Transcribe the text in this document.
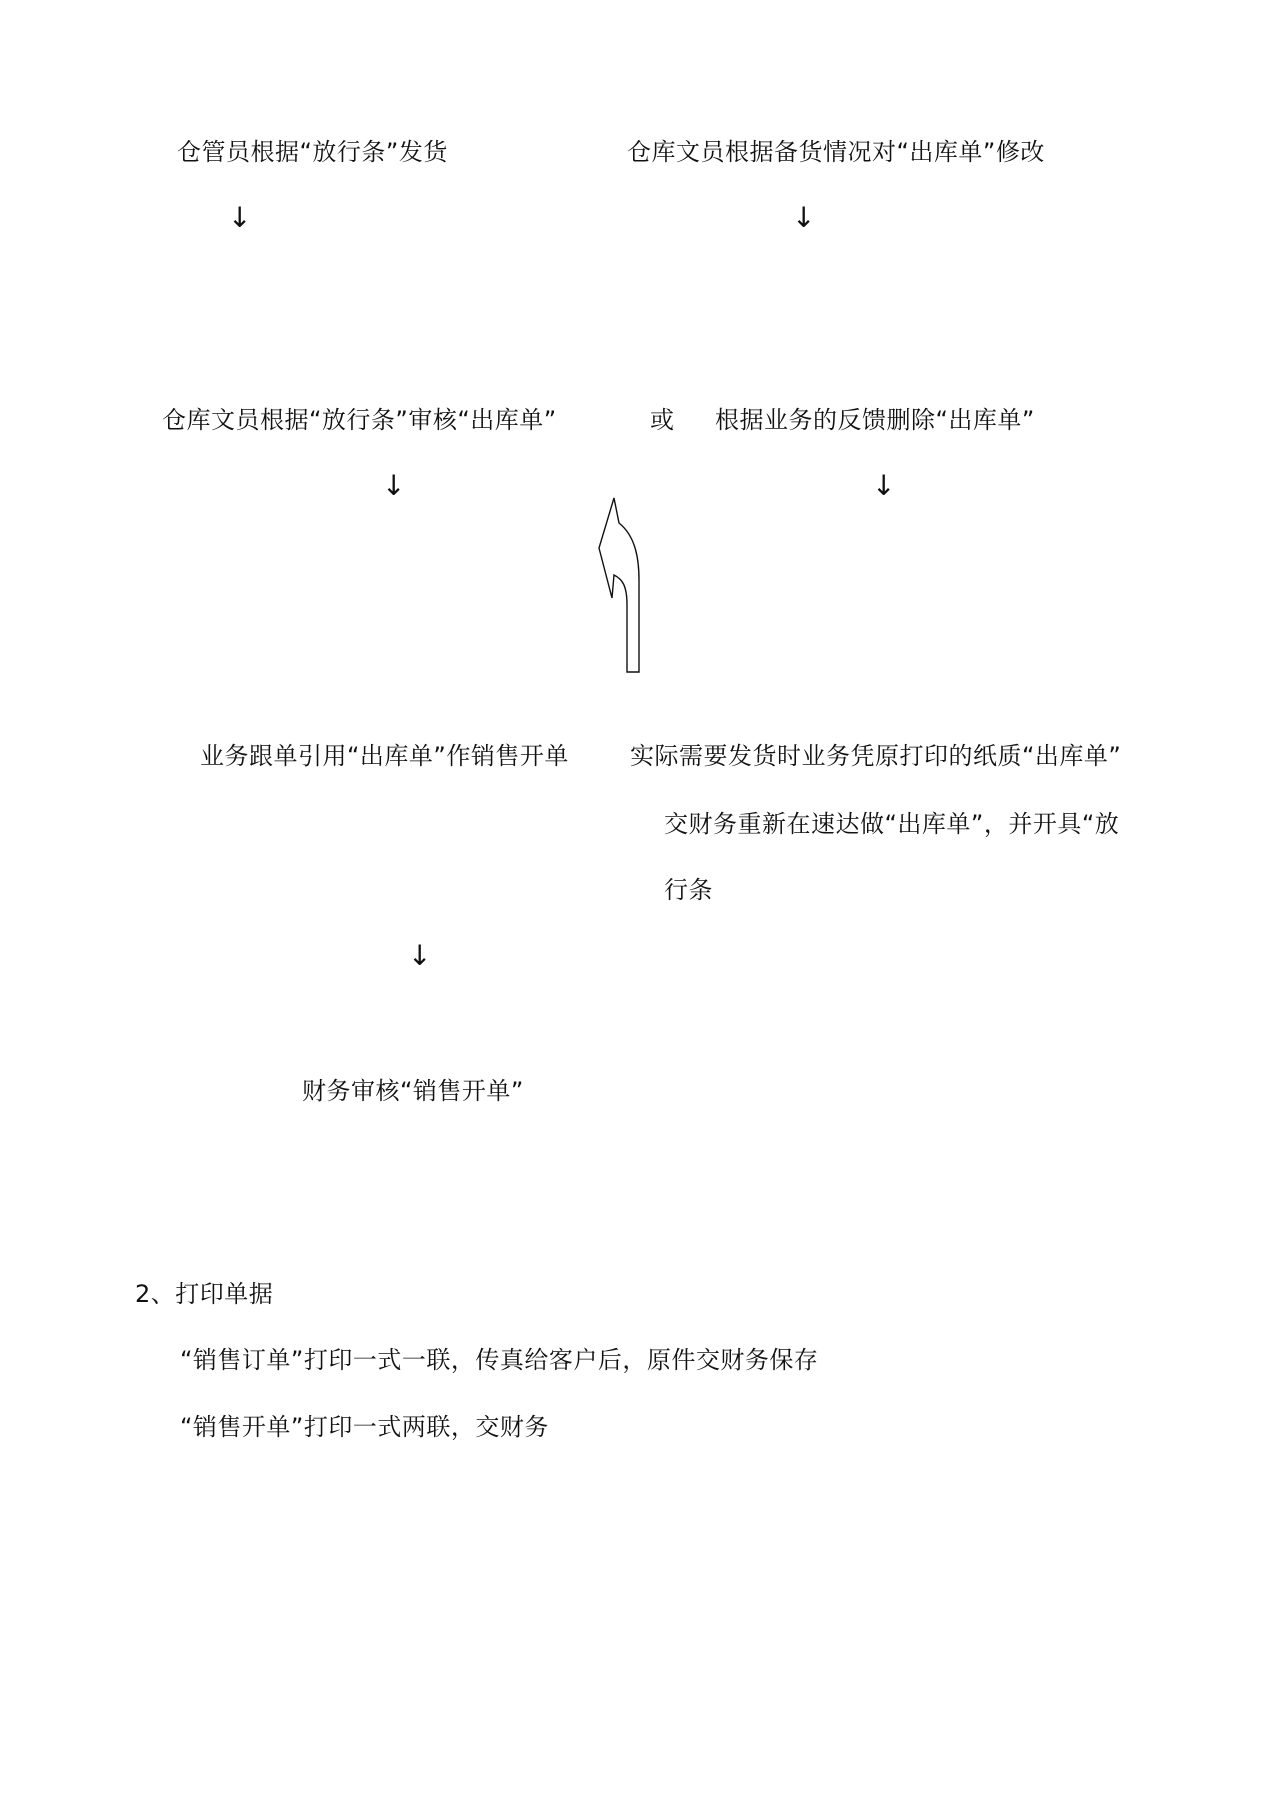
仓管员根据“放行条”发货	仓库文员根据备货情况对“出库单”修改
↓	↓
仓库文员根据“放行条”审核“出库单”	或 根据业务的反馈删除“出库单”
↓	↓
业务跟单引用“出库单”作销售开单	实际需要发货时业务凭原打印的纸质“出库单”
交财务重新在速达做“出库单”，并开具“放
行条
↓
财务审核“销售开单”
2、打印单据
“销售订单”打印一式一联，传真给客户后，原件交财务保存
“销售开单”打印一式两联，交财务
